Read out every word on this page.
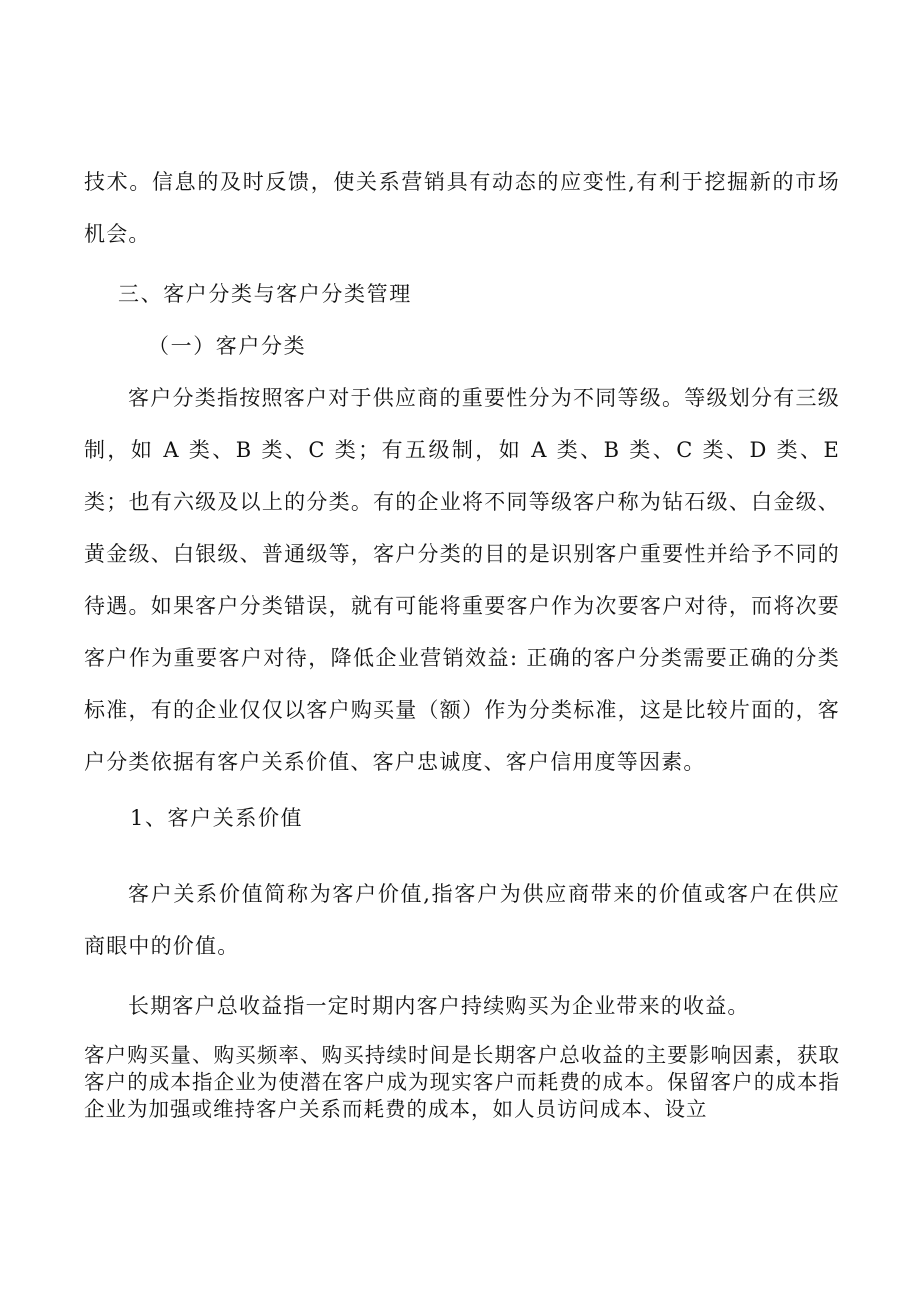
技术。信息的及时反馈，使关系营销具有动态的应变性,有利于挖掘新的市场机会。

三、客户分类与客户分类管理
（一）客户分类

客户分类指按照客户对于供应商的重要性分为不同等级。等级划分有三级制，如 A 类、B 类、C 类；有五级制，如 A 类、B 类、C 类、D 类、E 类；也有六级及以上的分类。有的企业将不同等级客户称为钻石级、白金级、黄金级、白银级、普通级等，客户分类的目的是识别客户重要性并给予不同的待遇。如果客户分类错误，就有可能将重要客户作为次要客户对待，而将次要客户作为重要客户对待，降低企业营销效益: 正确的客户分类需要正确的分类标准，有的企业仅仅以客户购买量（额）作为分类标准，这是比较片面的，客户分类依据有客户关系价值、客户忠诚度、客户信用度等因素。

1、客户关系价值

客户关系价值简称为客户价值,指客户为供应商带来的价值或客户在供应商眼中的价值。

长期客户总收益指一定时期内客户持续购买为企业带来的收益。

客户购买量、购买频率、购买持续时间是长期客户总收益的主要影响因素，获取客户的成本指企业为使潜在客户成为现实客户而耗费的成本。保留客户的成本指企业为加强或维持客户关系而耗费的成本，如人员访问成本、设立
